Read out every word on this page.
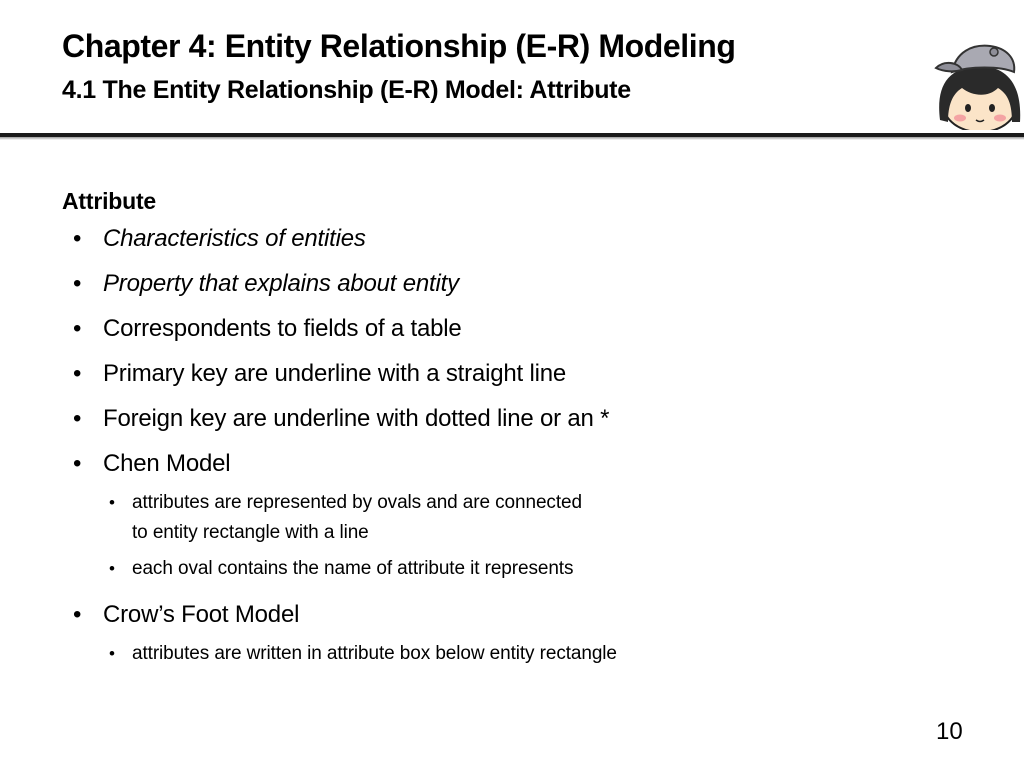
Chapter 4: Entity Relationship (E-R) Modeling
4.1 The Entity Relationship (E-R) Model: Attribute
Attribute
• Characteristics of entities
• Property that explains about entity
• Correspondents to fields of a table
• Primary key are underline with a straight line
• Foreign key are underline with dotted line or an *
• Chen Model
• attributes are represented by ovals and are connected
to entity rectangle with a line
• each oval contains the name of attribute it represents
• Crow’s Foot Model
• attributes are written in attribute box below entity rectangle
10
